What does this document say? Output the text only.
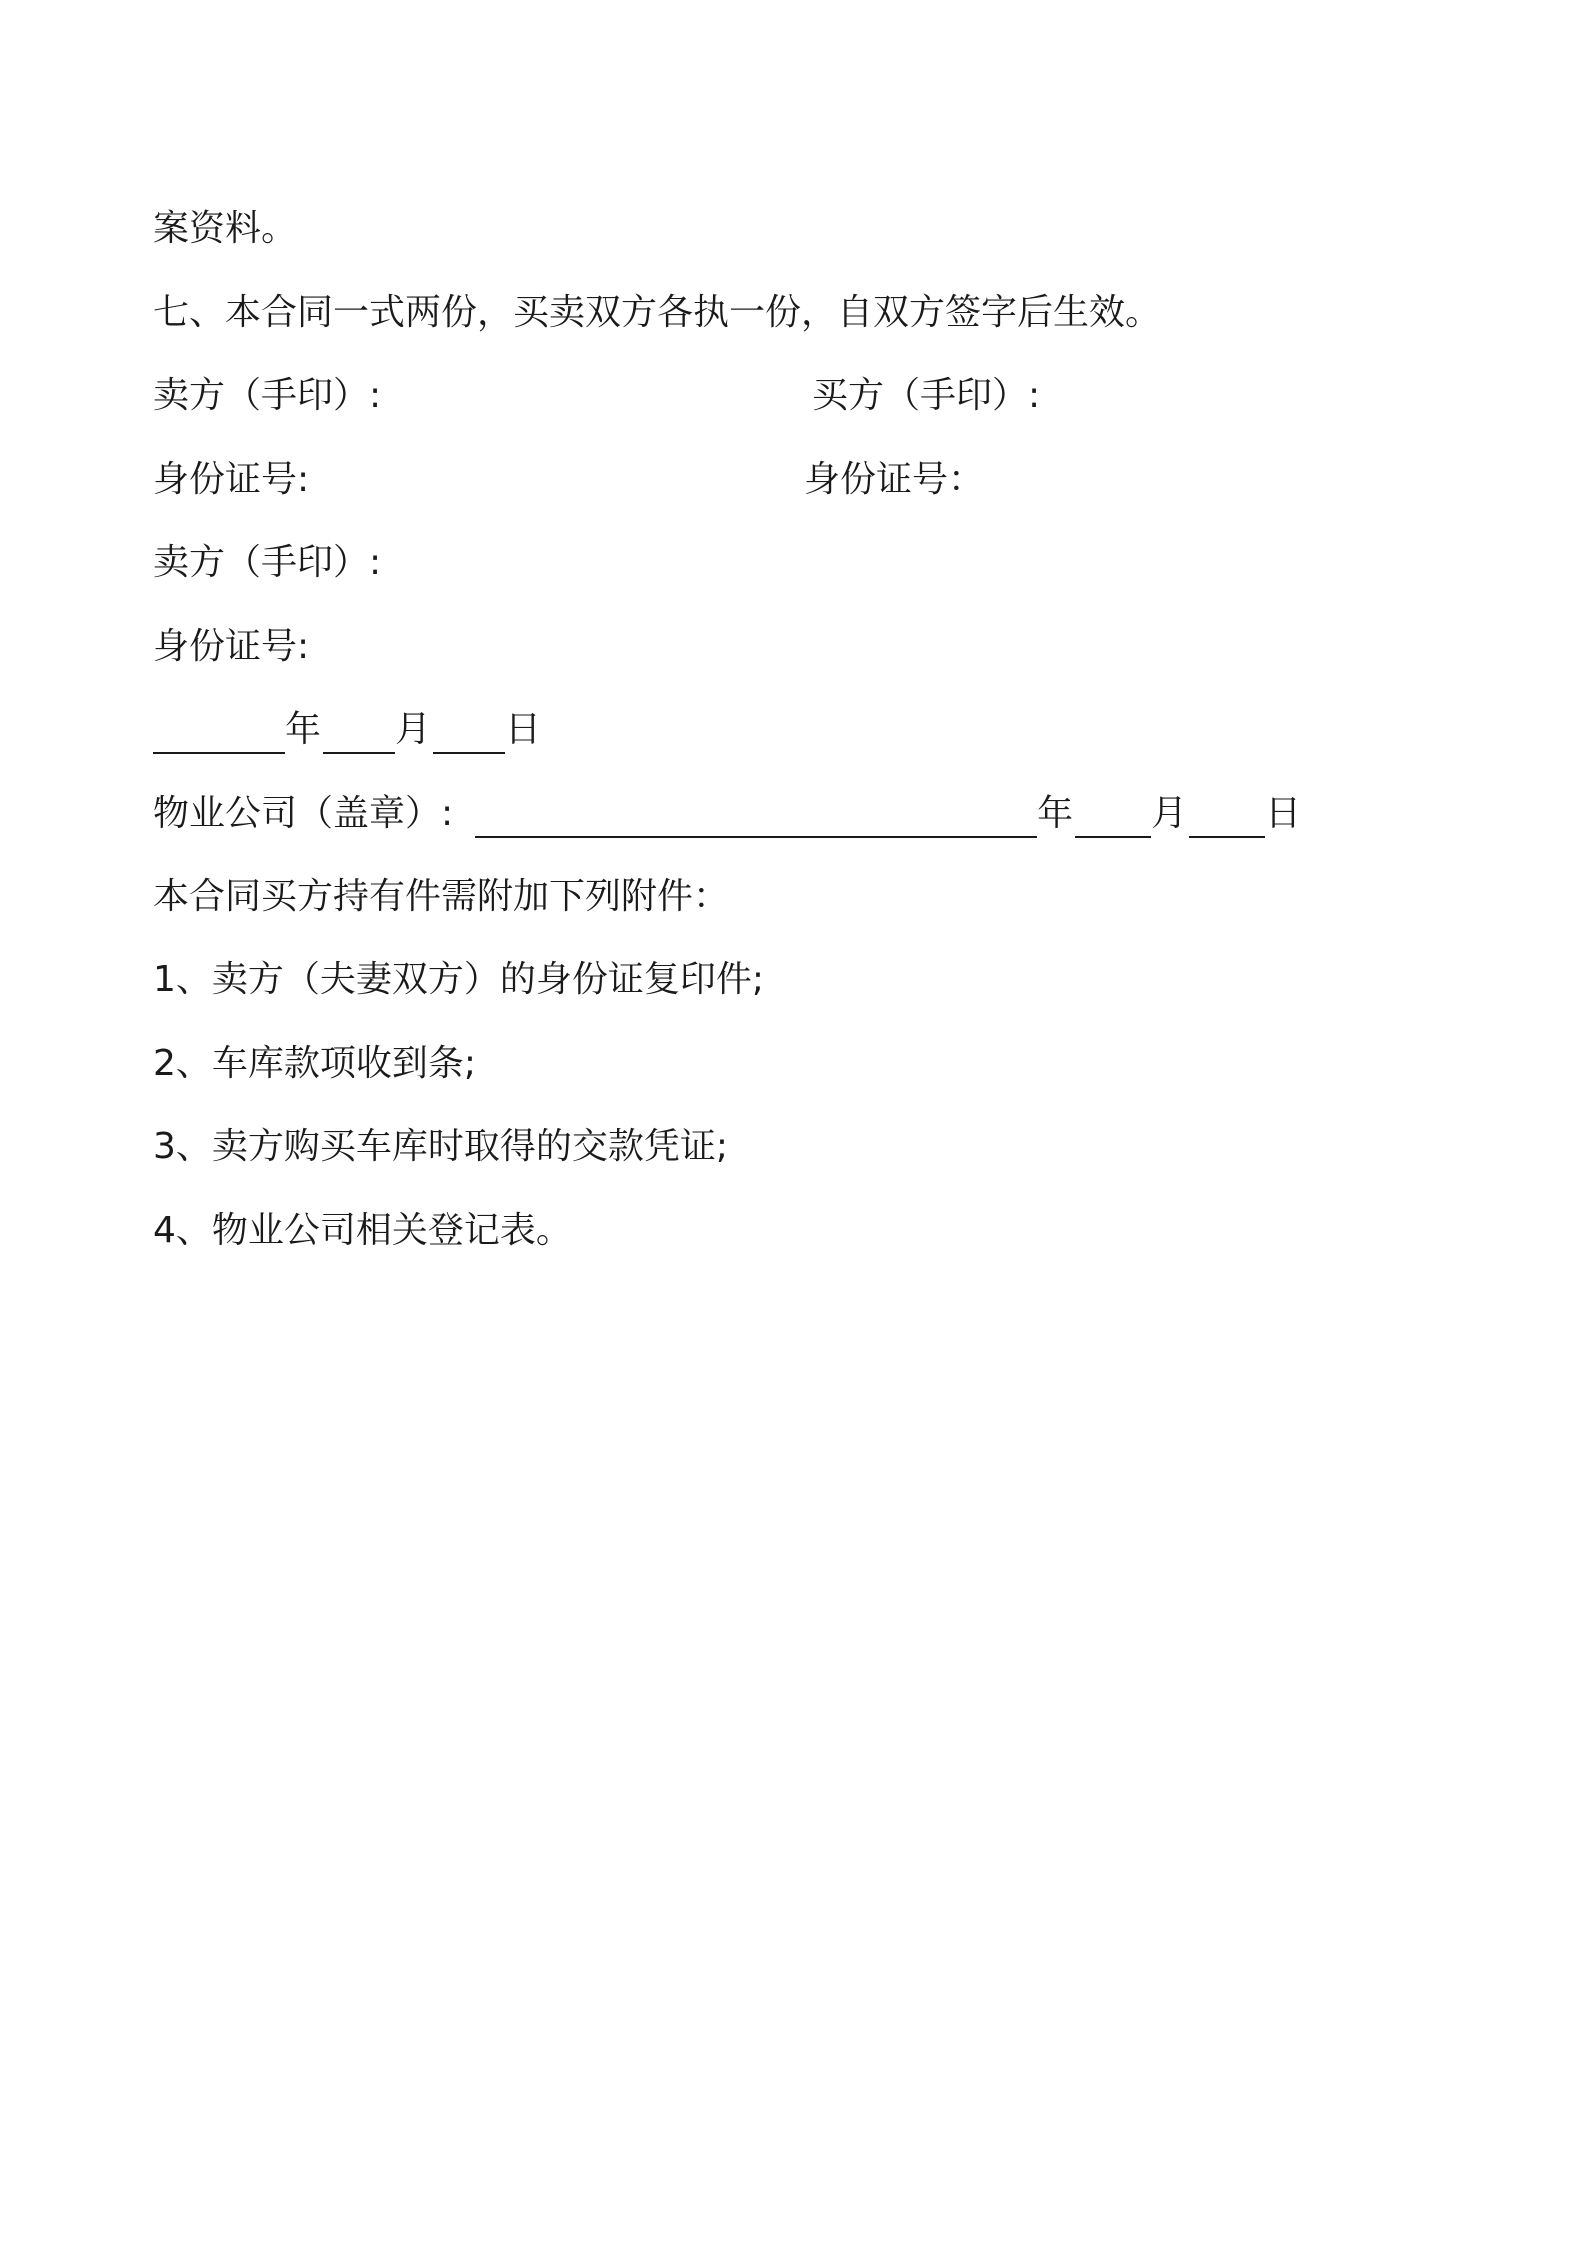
案资料。
七、本合同一式两份，买卖双方各执一份，自双方签字后生效。
卖方（手印）:	买方（手印）:
身份证号:	身份证号：
卖方（手印）:
身份证号:
年 月 日
物业公司（盖章）:	年 月 日
本合同买方持有件需附加下列附件：
1、卖方（夫妻双方）的身份证复印件;
2、车库款项收到条;
3、卖方购买车库时取得的交款凭证;
4、物业公司相关登记表。
